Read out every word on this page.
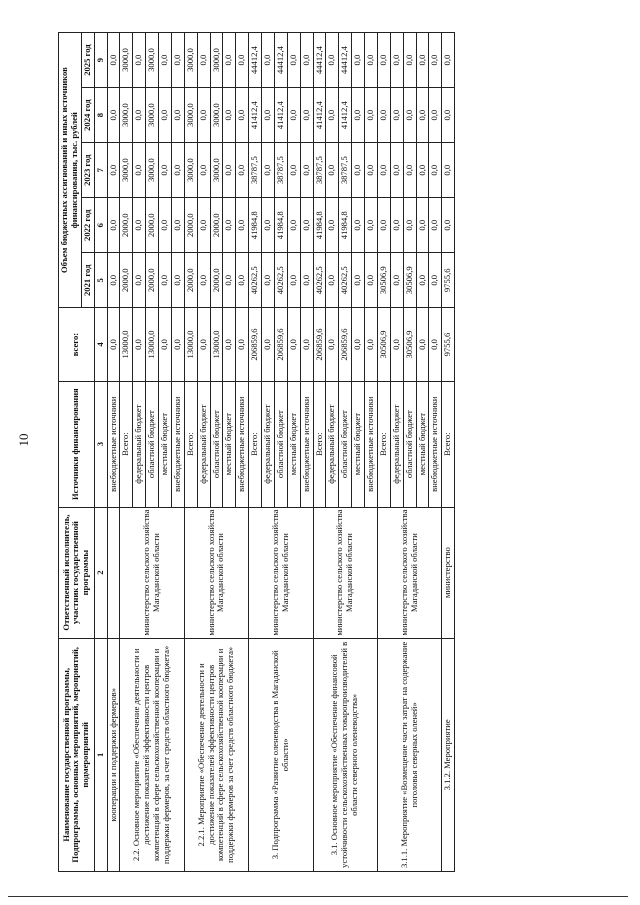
10
Наименование государственной программы, Подпрограммы, основных мероприятий, мероприятий, подмероприятий	Ответственный исполнитель, участник государственной программы	Источники финансирования	всего:	Объем бюджетных ассигнований и иных источников финансирования, тыс. рублей				
				2021 год	2022 год	2023 год	2024 год	2025 год
1	2	3	4	5	6	7	8	9
кооперации и поддержки фермеров»		внебюджетные источники	0,0	0,0	0,0	0,0	0,0	0,0
2.2. Основное мероприятие «Обеспечение деятельности и достижение показателей эффективности центров компетенций в сфере сельскохозяйственной кооперации и поддержки фермеров, за счет средств областного бюджета»	министерство сельского хозяйства Магаданской области	Всего:	13000,0	2000,0	2000,0	3000,0	3000,0	3000,0
		федеральный бюджет	0,0	0,0	0,0	0,0	0,0	0,0
		областной бюджет	13000,0	2000,0	2000,0	3000,0	3000,0	3000,0
		местный бюджет	0,0	0,0	0,0	0,0	0,0	0,0
		внебюджетные источники	0,0	0,0	0,0	0,0	0,0	0,0
2.2.1. Мероприятие «Обеспечение деятельности и достижение показателей эффективности центров компетенций в сфере сельскохозяйственной кооперации и поддержки фермеров за счет средств областного бюджета»	министерство сельского хозяйства Магаданской области	Всего:	13000,0	2000,0	2000,0	3000,0	3000,0	3000,0
		федеральный бюджет	0,0	0,0	0,0	0,0	0,0	0,0
		областной бюджет	13000,0	2000,0	2000,0	3000,0	3000,0	3000,0
		местный бюджет	0,0	0,0	0,0	0,0	0,0	0,0
		внебюджетные источники	0,0	0,0	0,0	0,0	0,0	0,0
3. Подпрограмма «Развитие оленеводства в Магаданской области»	министерство сельского хозяйства Магаданской области	Всего:	206859,6	40262,5	41984,8	38787,5	41412,4	44412,4
		федеральный бюджет	0,0	0,0	0,0	0,0	0,0	0,0
		областной бюджет	206859,6	40262,5	41984,8	38787,5	41412,4	44412,4
		местный бюджет	0,0	0,0	0,0	0,0	0,0	0,0
		внебюджетные источники	0,0	0,0	0,0	0,0	0,0	0,0
3.1. Основное мероприятие «Обеспечение финансовой устойчивости сельскохозяйственных товаропроизводителей в области северного оленеводства»	министерство сельского хозяйства Магаданской области	Всего:	206859,6	40262,5	41984,8	38787,5	41412,4	44412,4
		федеральный бюджет	0,0	0,0	0,0	0,0	0,0	0,0
		областной бюджет	206859,6	40262,5	41984,8	38787,5	41412,4	44412,4
		местный бюджет	0,0	0,0	0,0	0,0	0,0	0,0
		внебюджетные источники	0,0	0,0	0,0	0,0	0,0	0,0
3.1.1. Мероприятие «Возмещение части затрат на содержание поголовья северных оленей»	министерство сельского хозяйства Магаданской области	Всего:	30506,9	30506,9	0,0	0,0	0,0	0,0
		федеральный бюджет	0,0	0,0	0,0	0,0	0,0	0,0
		областной бюджет	30506,9	30506,9	0,0	0,0	0,0	0,0
		местный бюджет	0,0	0,0	0,0	0,0	0,0	0,0
		внебюджетные источники	0,0	0,0	0,0	0,0	0,0	0,0
3.1.2. Мероприятие	министерство	Всего:	9755,6	9755,6	0,0	0,0	0,0	0,0
